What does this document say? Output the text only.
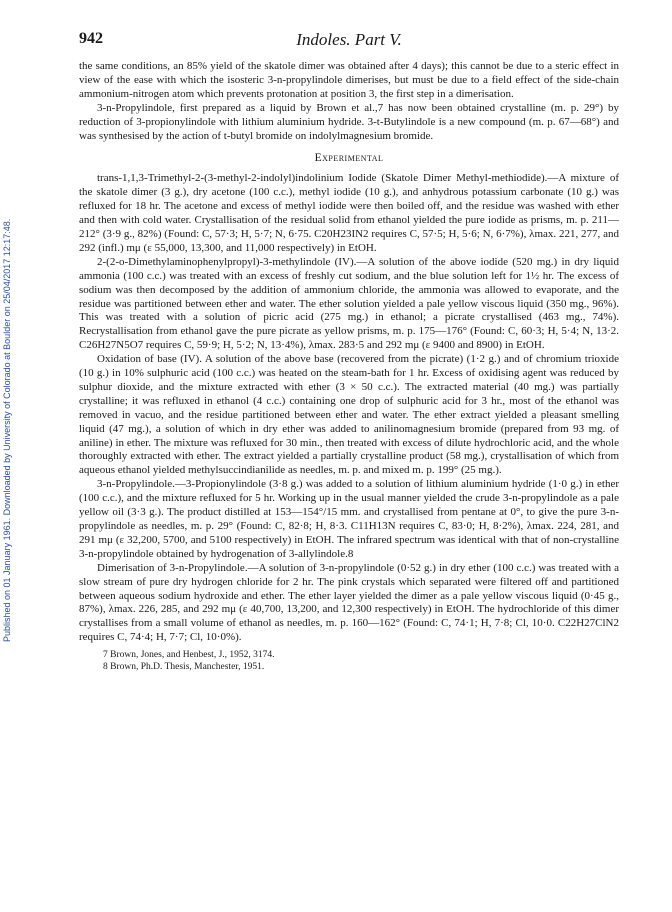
Published on 01 January 1961. Downloaded by University of Colorado at Boulder on 25/04/2017 12:17:48.
942	Indoles. Part V.

the same conditions, an 85% yield of the skatole dimer was obtained after 4 days); this cannot be due to a steric effect in view of the ease with which the isosteric 3-n-propylindole dimerises, but must be due to a field effect of the side-chain ammonium-nitrogen atom which prevents protonation at position 3, the first step in a dimerisation.

3-n-Propylindole, first prepared as a liquid by Brown et al.,7 has now been obtained crystalline (m. p. 29°) by reduction of 3-propionylindole with lithium aluminium hydride. 3-t-Butylindole is a new compound (m. p. 67—68°) and was synthesised by the action of t-butyl bromide on indolylmagnesium bromide.

Experimental

trans-1,1,3-Trimethyl-2-(3-methyl-2-indolyl)indolinium Iodide (Skatole Dimer Methyl-methiodide).—A mixture of the skatole dimer (3 g.), dry acetone (100 c.c.), methyl iodide (10 g.), and anhydrous potassium carbonate (10 g.) was refluxed for 18 hr. The acetone and excess of methyl iodide were then boiled off, and the residue was washed with ether and then with cold water. Crystallisation of the residual solid from ethanol yielded the pure iodide as prisms, m. p. 211—212° (3·9 g., 82%) (Found: C, 57·3; H, 5·7; N, 6·75. C20H23IN2 requires C, 57·5; H, 5·6; N, 6·7%), λmax. 221, 277, and 292 (infl.) mμ (ε 55,000, 13,300, and 11,000 respectively) in EtOH.

2-(2-o-Dimethylaminophenylpropyl)-3-methylindole (IV).—A solution of the above iodide (520 mg.) in dry liquid ammonia (100 c.c.) was treated with an excess of freshly cut sodium, and the blue solution left for 1½ hr. The excess of sodium was then decomposed by the addition of ammonium chloride, the ammonia was allowed to evaporate, and the residue was partitioned between ether and water. The ether solution yielded a pale yellow viscous liquid (350 mg., 96%). This was treated with a solution of picric acid (275 mg.) in ethanol; a picrate crystallised (463 mg., 74%). Recrystallisation from ethanol gave the pure picrate as yellow prisms, m. p. 175—176° (Found: C, 60·3; H, 5·4; N, 13·2. C26H27N5O7 requires C, 59·9; H, 5·2; N, 13·4%), λmax. 283·5 and 292 mμ (ε 9400 and 8900) in EtOH.

Oxidation of base (IV). A solution of the above base (recovered from the picrate) (1·2 g.) and of chromium trioxide (10 g.) in 10% sulphuric acid (100 c.c.) was heated on the steam-bath for 1 hr. Excess of oxidising agent was reduced by sulphur dioxide, and the mixture extracted with ether (3 × 50 c.c.). The extracted material (40 mg.) was partially crystalline; it was refluxed in ethanol (4 c.c.) containing one drop of sulphuric acid for 3 hr., most of the ethanol was removed in vacuo, and the residue partitioned between ether and water. The ether extract yielded a pleasant smelling liquid (47 mg.), a solution of which in dry ether was added to anilinomagnesium bromide (prepared from 93 mg. of aniline) in ether. The mixture was refluxed for 30 min., then treated with excess of dilute hydrochloric acid, and the whole thoroughly extracted with ether. The extract yielded a partially crystalline product (58 mg.), crystallisation of which from aqueous ethanol yielded methylsuccindianilide as needles, m. p. and mixed m. p. 199° (25 mg.).

3-n-Propylindole.—3-Propionylindole (3·8 g.) was added to a solution of lithium aluminium hydride (1·0 g.) in ether (100 c.c.), and the mixture refluxed for 5 hr. Working up in the usual manner yielded the crude 3-n-propylindole as a pale yellow oil (3·3 g.). The product distilled at 153—154°/15 mm. and crystallised from pentane at 0°, to give the pure 3-n-propylindole as needles, m. p. 29° (Found: C, 82·8; H, 8·3. C11H13N requires C, 83·0; H, 8·2%), λmax. 224, 281, and 291 mμ (ε 32,200, 5700, and 5100 respectively) in EtOH. The infrared spectrum was identical with that of non-crystalline 3-n-propylindole obtained by hydrogenation of 3-allylindole.8

Dimerisation of 3-n-Propylindole.—A solution of 3-n-propylindole (0·52 g.) in dry ether (100 c.c.) was treated with a slow stream of pure dry hydrogen chloride for 2 hr. The pink crystals which separated were filtered off and partitioned between aqueous sodium hydroxide and ether. The ether layer yielded the dimer as a pale yellow viscous liquid (0·45 g., 87%), λmax. 226, 285, and 292 mμ (ε 40,700, 13,200, and 12,300 respectively) in EtOH. The hydrochloride of this dimer crystallises from a small volume of ethanol as needles, m. p. 160—162° (Found: C, 74·1; H, 7·8; Cl, 10·0. C22H27ClN2 requires C, 74·4; H, 7·7; Cl, 10·0%).

7 Brown, Jones, and Henbest, J., 1952, 3174.
8 Brown, Ph.D. Thesis, Manchester, 1951.
